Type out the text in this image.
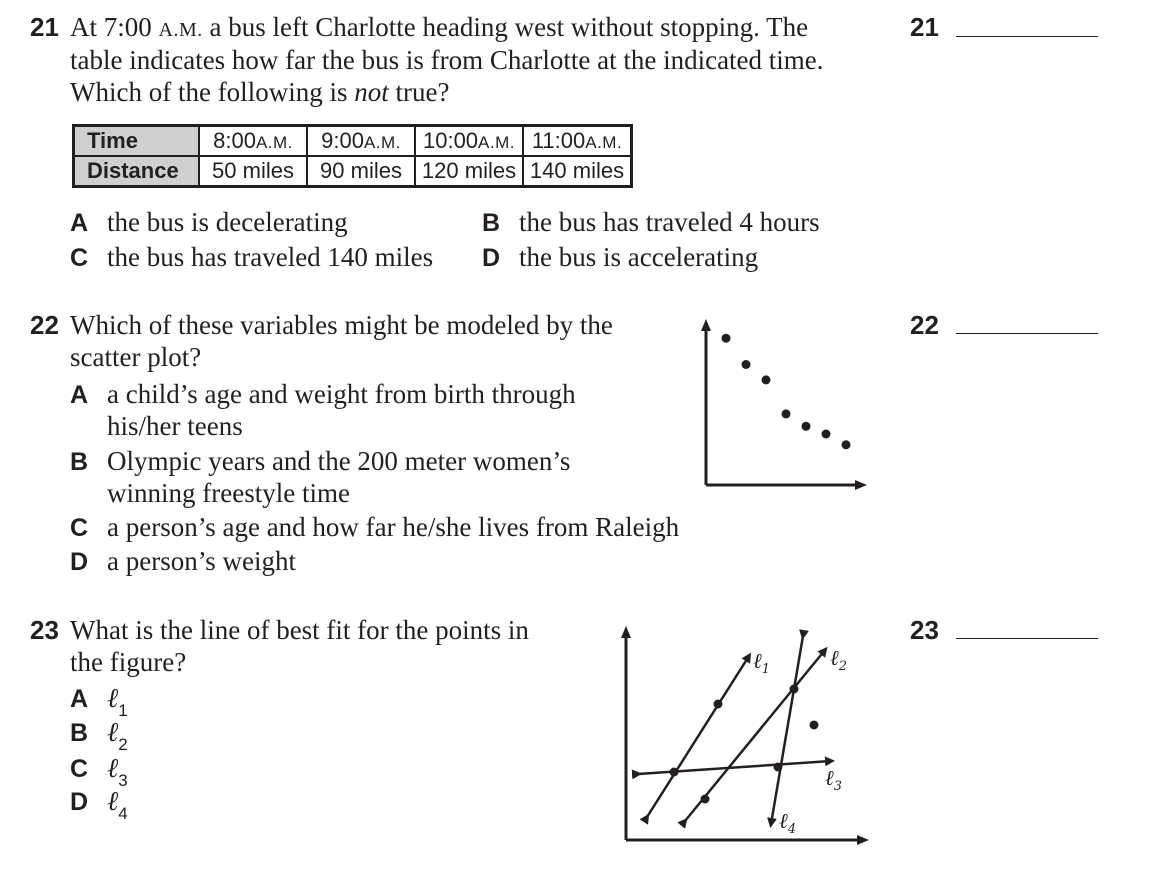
21 At 7:00 A.M. a bus left Charlotte heading west without stopping. The
table indicates how far the bus is from Charlotte at the indicated time.
Which of the following is not true?
21
Time	8:00A.M.	9:00A.M.	10:00A.M.	11:00A.M.
Distance	50 miles	90 miles	120 miles	140 miles
A the bus is decelerating	B the bus has traveled 4 hours
C the bus has traveled 140 miles D the bus is accelerating
22 Which of these variables might be modeled by the
scatter plot?
22
A a child’s age and weight from birth through
his/her teens
B Olympic years and the 200 meter women’s
winning freestyle time
C a person’s age and how far he/she lives from Raleigh
D a person’s weight
23 What is the line of best fit for the points in
the figure?
23
A ℓ$_1$
B ℓ$_2$
C ℓ$_3$
D ℓ$_4$
ℓ$_1$	ℓ$_2$
ℓ$_3$
ℓ$_4$
